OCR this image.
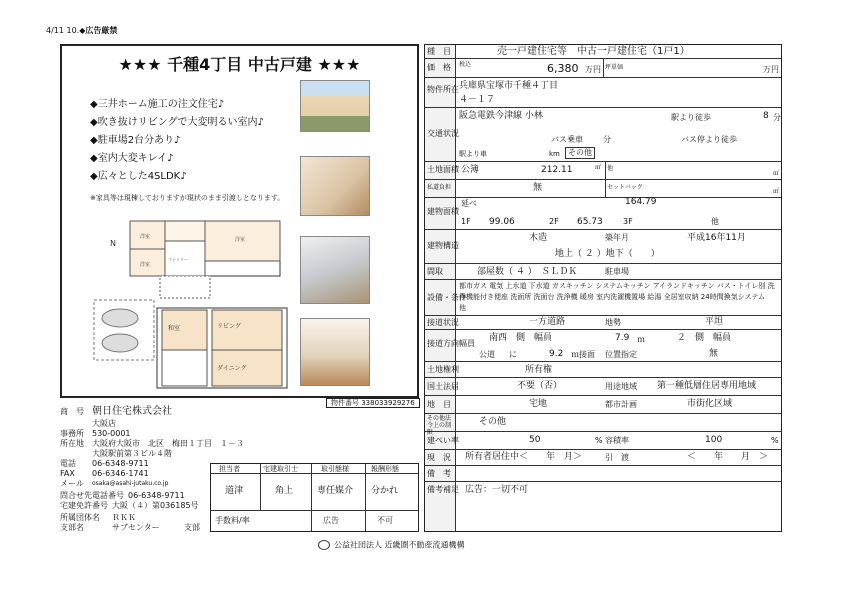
4/11 10.◆広告厳禁
★★★ 千種4丁目 中古戸建 ★★★
◆三井ホーム施工の注文住宅♪
◆吹き抜けリビングで大変明るい室内♪
◆駐車場2台分あり♪
◆室内大変キレイ♪
◆広々とした4SLDK♪
※家具等は現棟しておりますが現状のまま引渡しとなります。
洋室	洋室
洋室
ファミリー
N
和室	リビング
ダイニング
物件番号 338033929276
商　号 朝日住宅株式会社
大阪店
事務所 530-0001
所在地 大阪府大阪市　北区　梅田１丁目　１－３
大阪駅前第３ビル４階
電話 06-6348-9711
FAX 06-6346-1741
メール osaka@asahi-jutaku.co.jp
問合せ先電話番号 06-6348-9711
宅建免許番号 大阪（４）第036185号
所属団体名 ＲＫＫ
支部名	サブセンター	支部
担当者	宅建取引士	取引態様	報酬形態
道津	角上	専任媒介 分かれ
手数料/率	広告	不可
種　目	売一戸建住宅等　中古一戸建住宅（1戸1）
価　格 税込	6,380 万円 坪単価	万円
物件所在 兵庫県宝塚市千種４丁目
４－１７
交通状況
阪急電鉄今津線 小林	駅より徒歩	8 分
バス乗車	分	バス停より徒歩
駅より車	km	その他
土地面積 公簿	212.11	㎡ 他
㎡
私道負担	無	セットバック
㎡
建物面積
延べ	164.79
1F 99.06	2F 65.73	3F	他
建物構造
木造	築年月	平成16年11月
地上（ ２ ）地下（　　）
間取	部屋数（ ４ ）　ＳＬＤＫ	駐車場
設備・条件
都市ガス 電気 上水道 下水道 ガスキッチン システムキッチン アイランドキッチン バス・トイレ別 洗浄機能付き便座 洗面所 洗面台 洗浄機 暖房 室内洗濯機置場 給湯 全居室収納 24時間換気システム　他
接道状況	一方道路	地勢	平坦
接道方向幅員
南西　側　幅員	7.9 ｍ	２　側　幅員
公道 に	9.2 ｍ接面 位置指定	無
土地権利	所有権
国土法届	不要（否）	用途地域 第一種低層住居専用地域
地　目	宅地	都市計画	市街化区域
その他法令上の制限
その他
建ぺい率	50	% 容積率	100	%
現　況 所有者居住中＜　　年　月＞	引　渡	＜　　年　　月　＞
備　考
備考補足 広告：一切不可
公益社団法人 近畿圏不動産流通機構
